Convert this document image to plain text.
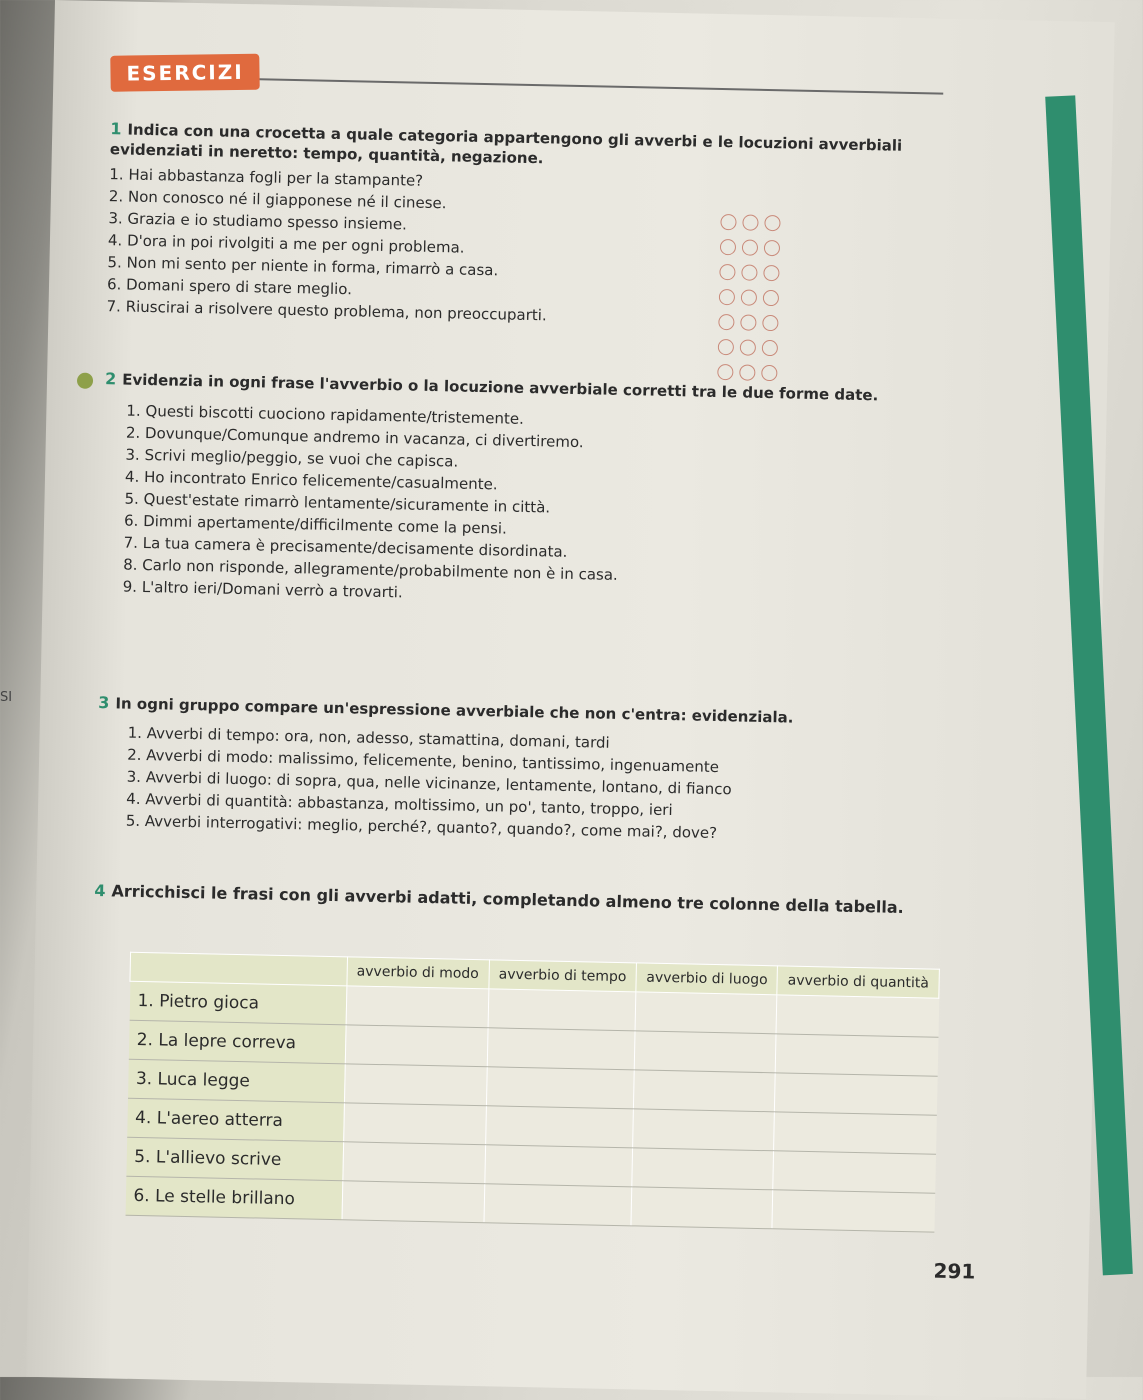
ESERCIZI
1 Indica con una crocetta a quale categoria appartengono gli avverbi e le locuzioni avverbiali evidenziati in neretto: tempo, quantità, negazione.
1. Hai abbastanza fogli per la stampante?
2. Non conosco né il giapponese né il cinese.
3. Grazia e io studiamo spesso insieme.
4. D'ora in poi rivolgiti a me per ogni problema.
5. Non mi sento per niente in forma, rimarrò a casa.
6. Domani spero di stare meglio.
7. Riuscirai a risolvere questo problema, non preoccuparti.
2 Evidenzia in ogni frase l'avverbio o la locuzione avverbiale corretti tra le due forme date.
1. Questi biscotti cuociono rapidamente/tristemente.
2. Dovunque/Comunque andremo in vacanza, ci divertiremo.
3. Scrivi meglio/peggio, se vuoi che capisca.
4. Ho incontrato Enrico felicemente/casualmente.
5. Quest'estate rimarrò lentamente/sicuramente in città.
6. Dimmi apertamente/difficilmente come la pensi.
7. La tua camera è precisamente/decisamente disordinata.
8. Carlo non risponde, allegramente/probabilmente non è in casa.
9. L'altro ieri/Domani verrò a trovarti.
3 In ogni gruppo compare un'espressione avverbiale che non c'entra: evidenziala.
1. Avverbi di tempo: ora, non, adesso, stamattina, domani, tardi
2. Avverbi di modo: malissimo, felicemente, benino, tantissimo, ingenuamente
3. Avverbi di luogo: di sopra, qua, nelle vicinanze, lentamente, lontano, di fianco
4. Avverbi di quantità: abbastanza, moltissimo, un po', tanto, troppo, ieri
5. Avverbi interrogativi: meglio, perché?, quanto?, quando?, come mai?, dove?
4 Arricchisci le frasi con gli avverbi adatti, completando almeno tre colonne della tabella.
	avverbio di modo	avverbio di tempo	avverbio di luogo	avverbio di quantità
1. Pietro gioca				
2. La lepre correva				
3. Luca legge				
4. L'aereo atterra				
5. L'allievo scrive				
6. Le stelle brillano				
291
SI
